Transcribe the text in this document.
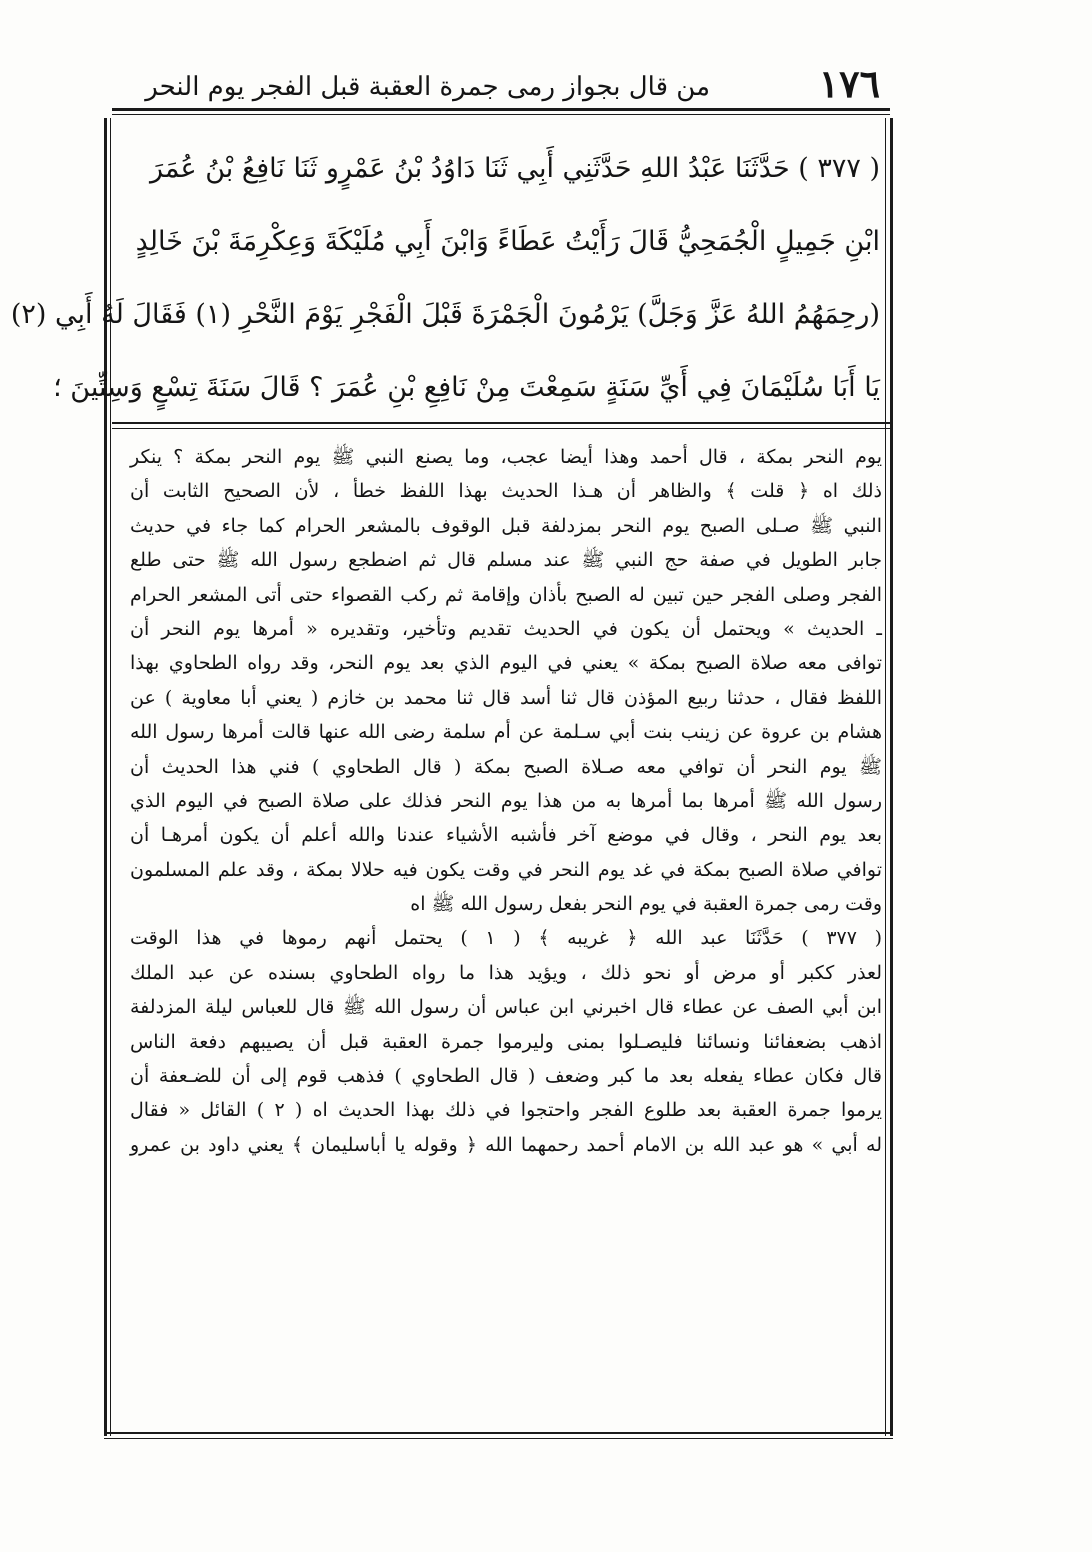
١٧٦
من قال بجواز رمى جمرة العقبة قبل الفجر يوم النحر
( ٣٧٧ ) حَدَّثَنَا عَبْدُ اللهِ حَدَّثَنِي أَبِي ثَنَا دَاوُدُ بْنُ عَمْرٍو ثَنَا نَافِعُ بْنُ عُمَرَ
ابْنِ جَمِيلٍ الْجُمَحِيُّ قَالَ رَأَيْتُ عَطَاءً وَابْنَ أَبِي مُلَيْكَةَ وَعِكْرِمَةَ بْنَ خَالِدٍ
(رحِمَهُمُ اللهُ عَزَّ وَجَلَّ) يَرْمُونَ الْجَمْرَةَ قَبْلَ الْفَجْرِ يَوْمَ النَّحْرِ (١) فَقَالَ لَهُ أَبِي (٢)
يَا أَبَا سُلَيْمَانَ فِي أَيِّ سَنَةٍ سَمِعْتَ مِنْ نَافِعِ بْنِ عُمَرَ ؟ قَالَ سَنَةَ تِسْعٍ وَسِتِّينَ ؛
يوم النحر بمكة ، قال أحمد وهذا أيضا عجب، وما يصنع النبي ﷺ يوم النحر بمكة ؟ ينكر
ذلك اه ﴿ قلت ﴾ والظاهر أن هـذا الحديث بهذا اللفظ خطأ ، لأن الصحيح الثابت أن
النبي ﷺ صـلى الصبح يوم النحر بمزدلفة قبل الوقوف بالمشعر الحرام كما جاء في حديث
جابر الطويل في صفة حج النبي ﷺ عند مسلم قال ثم اضطجع رسول الله ﷺ حتى طلع
الفجر وصلى الفجر حين تبين له الصبح بأذان وإقامة ثم ركب القصواء حتى أتى المشعر الحرام
ـ الحديث » ويحتمل أن يكون في الحديث تقديم وتأخير، وتقديره « أمرها يوم النحر أن
توافى معه صلاة الصبح بمكة » يعني في اليوم الذي بعد يوم النحر، وقد رواه الطحاوي بهذا
اللفظ فقال ، حدثنا ربيع المؤذن قال ثنا أسد قال ثنا محمد بن خازم ( يعني أبا معاوية ) عن
هشام بن عروة عن زينب بنت أبي سـلمة عن أم سلمة رضى الله عنها قالت أمرها رسول الله
ﷺ يوم النحر أن توافي معه صـلاة الصبح بمكة ( قال الطحاوي ) فني هذا الحديث أن
رسول الله ﷺ أمرها بما أمرها به من هذا يوم النحر فذلك على صلاة الصبح في اليوم الذي
بعد يوم النحر ، وقال في موضع آخر فأشبه الأشياء عندنا والله أعلم أن يكون أمرهـا أن
توافي صلاة الصبح بمكة في غد يوم النحر في وقت يكون فيه حلالا بمكة ، وقد علم المسلمون
وقت رمى جمرة العقبة في يوم النحر بفعل رسول الله ﷺ اه
( ٣٧٧ ) حَدَّثَنَا عبد الله ﴿ غريبه ﴾ ( ١ ) يحتمل أنهم رموها في هذا الوقت
لعذر ككبر أو مرض أو نحو ذلك ، ويؤيد هذا ما رواه الطحاوي بسنده عن عبد الملك
ابن أبي الصف عن عطاء قال اخبرني ابن عباس أن رسول الله ﷺ قال للعباس ليلة المزدلفة
اذهب بضعفائنا ونسائنا فليصـلوا بمنى وليرموا جمرة العقبة قبل أن يصيبهم دفعة الناس
قال فكان عطاء يفعله بعد ما كبر وضعف ( قال الطحاوي ) فذهب قوم إلى أن للضـعفة أن
يرموا جمرة العقبة بعد طلوع الفجر واحتجوا في ذلك بهذا الحديث اه ( ٢ ) القائل « فقال
له أبي » هو عبد الله بن الامام أحمد رحمهما الله ﴿ وقوله يا أباسليمان ﴾ يعني داود بن عمرو
